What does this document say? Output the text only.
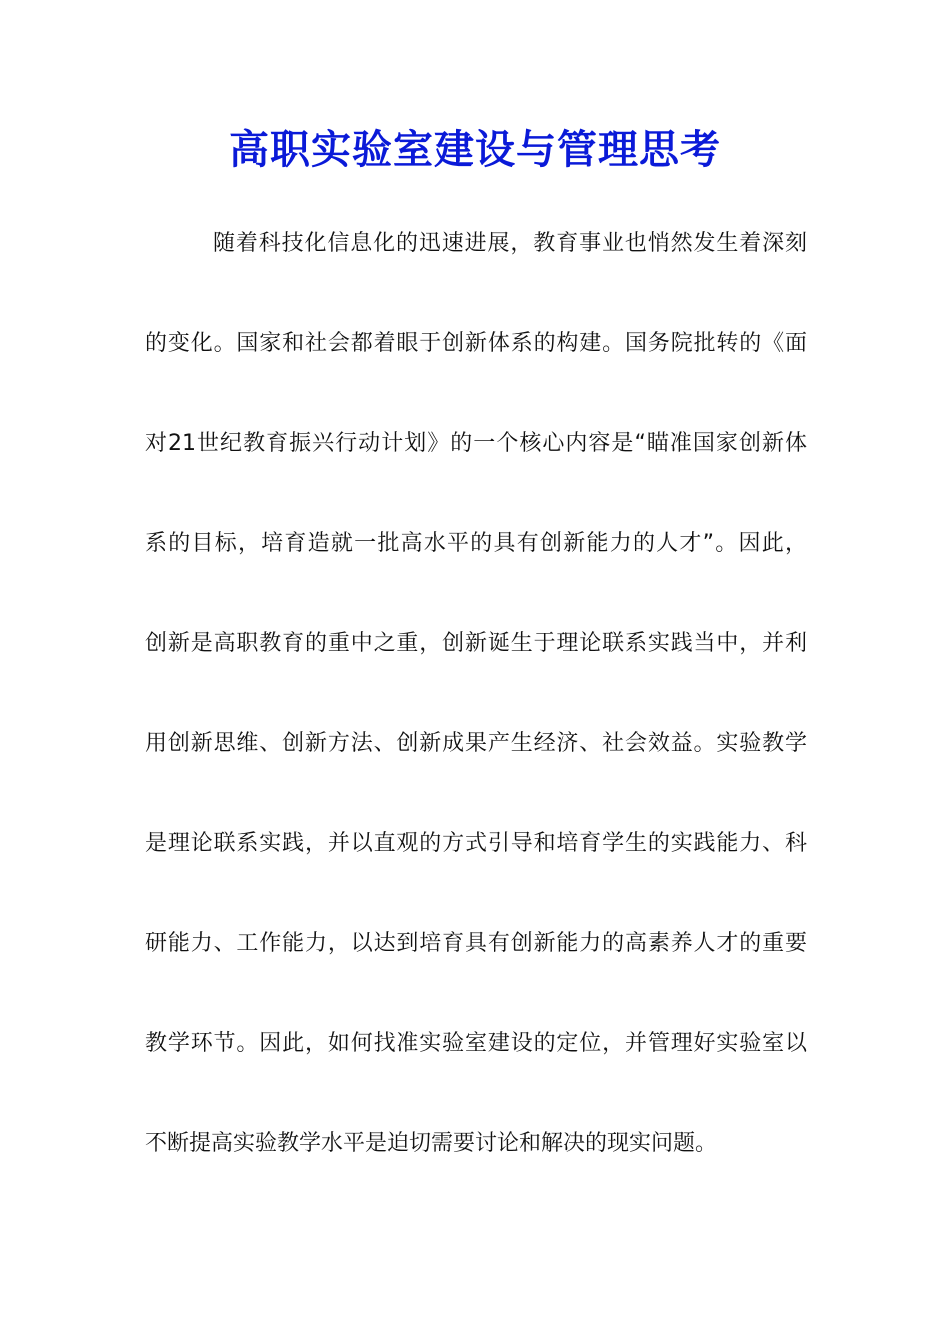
高职实验室建设与管理思考
随着科技化信息化的迅速进展，教育事业也悄然发生着深刻
的变化。国家和社会都着眼于创新体系的构建。国务院批转的《面
对21世纪教育振兴行动计划》的一个核心内容是“瞄准国家创新体
系的目标，培育造就一批高水平的具有创新能力的人才”。因此，
创新是高职教育的重中之重，创新诞生于理论联系实践当中，并利
用创新思维、创新方法、创新成果产生经济、社会效益。实验教学
是理论联系实践，并以直观的方式引导和培育学生的实践能力、科
研能力、工作能力，以达到培育具有创新能力的高素养人才的重要
教学环节。因此，如何找准实验室建设的定位，并管理好实验室以
不断提高实验教学水平是迫切需要讨论和解决的现实问题。
